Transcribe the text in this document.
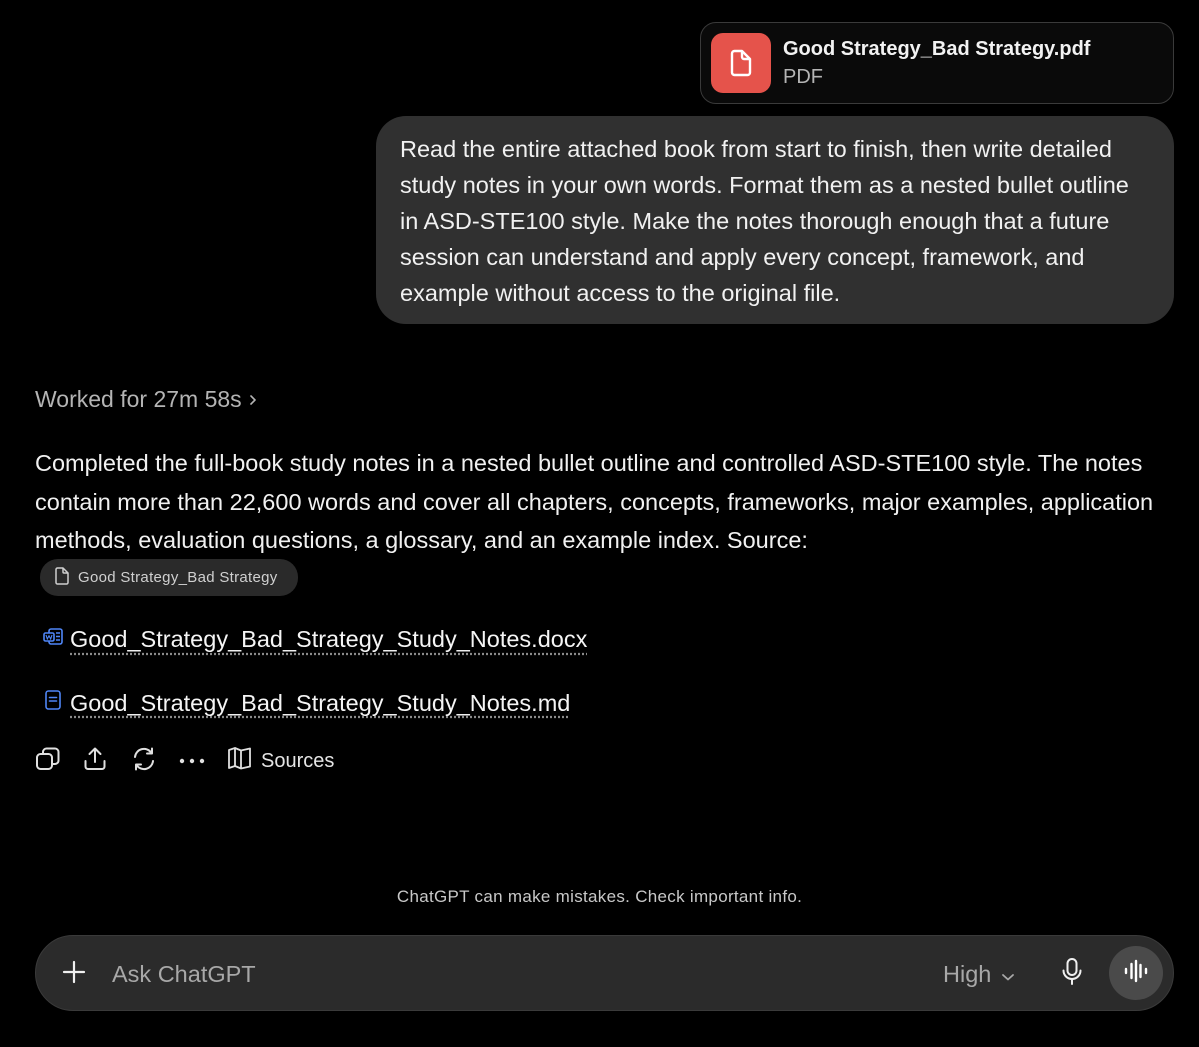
Good Strategy_Bad Strategy.pdf
PDF
Read the entire attached book from start to finish, then write detailed study notes in your own words. Format them as a nested bullet outline in ASD-STE100 style. Make the notes thorough enough that a future session can understand and apply every concept, framework, and example without access to the original file.
Worked for 27m 58s
Completed the full-book study notes in a nested bullet outline and controlled ASD-STE100 style. The notes contain more than 22,600 words and cover all chapters, concepts, frameworks, major examples, application methods, evaluation questions, a glossary, and an example index. Source:
Good Strategy_Bad Strategy
Good_Strategy_Bad_Strategy_Study_Notes.docx
Good_Strategy_Bad_Strategy_Study_Notes.md
Sources
ChatGPT can make mistakes. Check important info.
Ask ChatGPT
High
